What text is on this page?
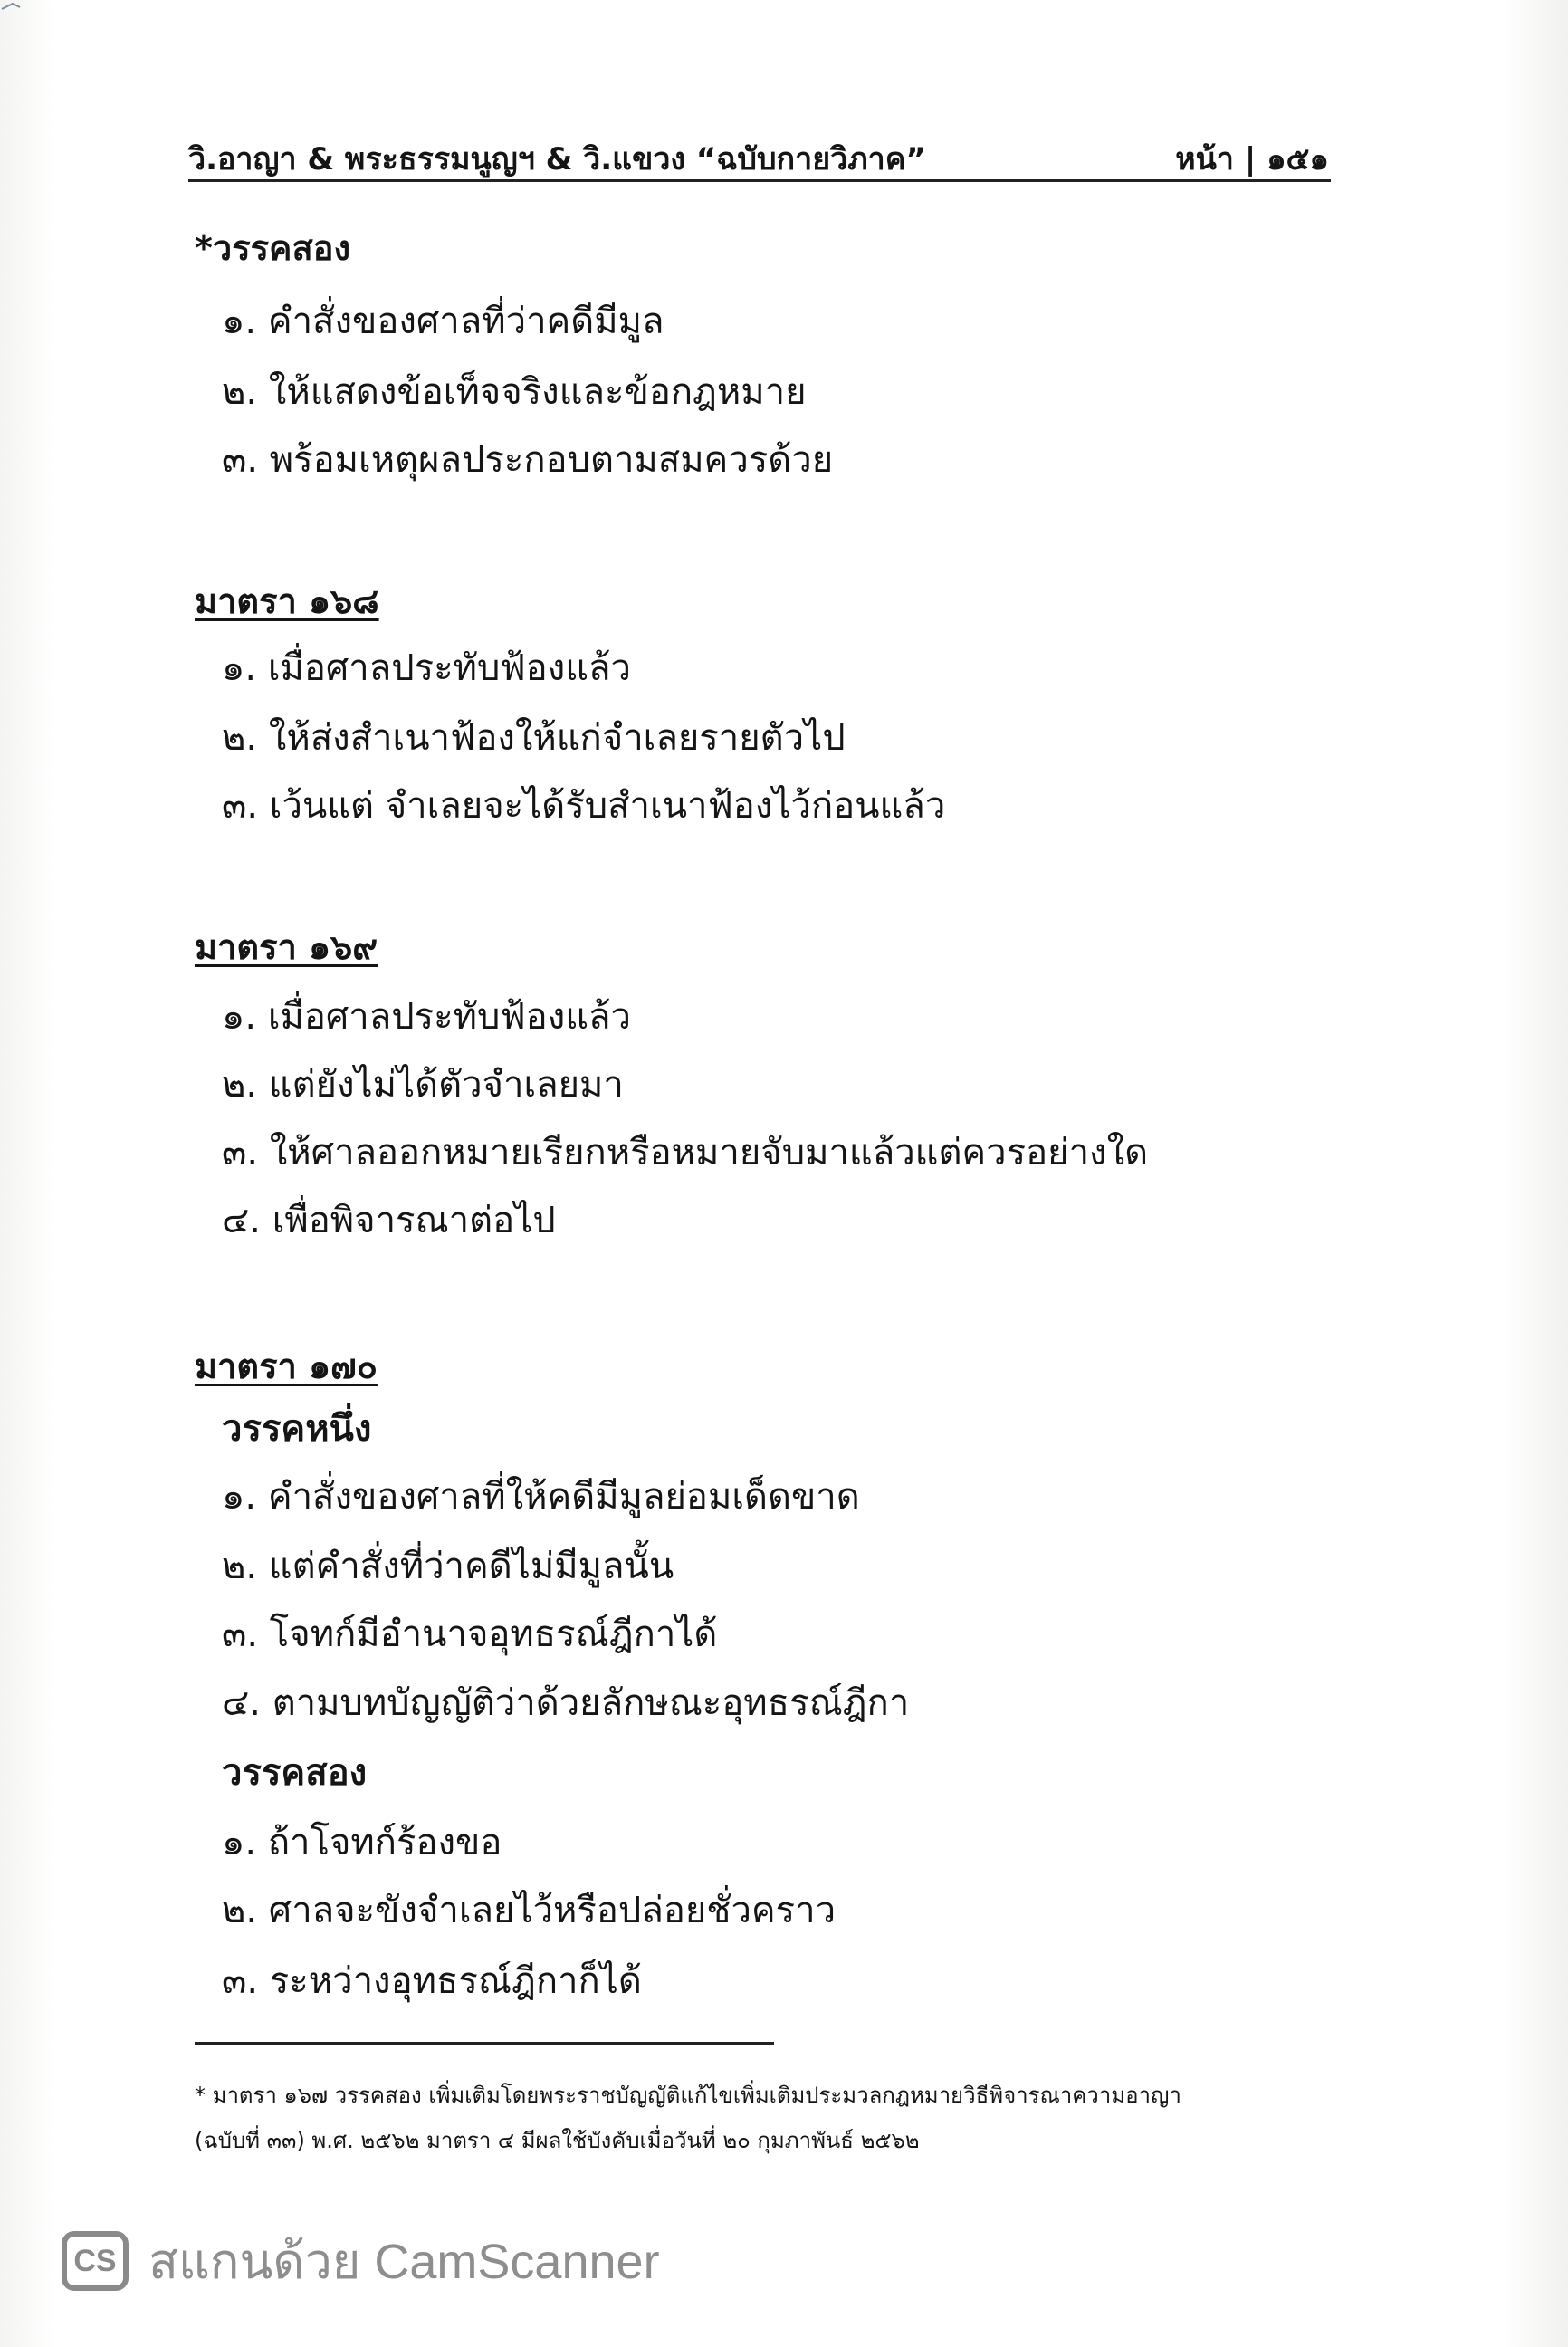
วิ.อาญา & พระธรรมนูญฯ & วิ.แขวง “ฉบับกายวิภาค”	หน้า | ๑๕๑
*วรรคสอง
๑. คำสั่งของศาลที่ว่าคดีมีมูล
๒. ให้แสดงข้อเท็จจริงและข้อกฎหมาย
๓. พร้อมเหตุผลประกอบตามสมควรด้วย
มาตรา ๑๖๘
๑. เมื่อศาลประทับฟ้องแล้ว
๒. ให้ส่งสำเนาฟ้องให้แก่จำเลยรายตัวไป
๓. เว้นแต่ จำเลยจะได้รับสำเนาฟ้องไว้ก่อนแล้ว
มาตรา ๑๖๙
๑. เมื่อศาลประทับฟ้องแล้ว
๒. แต่ยังไม่ได้ตัวจำเลยมา
๓. ให้ศาลออกหมายเรียกหรือหมายจับมาแล้วแต่ควรอย่างใด
๔. เพื่อพิจารณาต่อไป
มาตรา ๑๗๐
วรรคหนึ่ง
๑. คำสั่งของศาลที่ให้คดีมีมูลย่อมเด็ดขาด
๒. แต่คำสั่งที่ว่าคดีไม่มีมูลนั้น
๓. โจทก์มีอำนาจอุทธรณ์ฎีกาได้
๔. ตามบทบัญญัติว่าด้วยลักษณะอุทธรณ์ฎีกา
วรรคสอง
๑. ถ้าโจทก์ร้องขอ
๒. ศาลจะขังจำเลยไว้หรือปล่อยชั่วคราว
๓. ระหว่างอุทธรณ์ฎีกาก็ได้
* มาตรา ๑๖๗ วรรคสอง เพิ่มเติมโดยพระราชบัญญัติแก้ไขเพิ่มเติมประมวลกฎหมายวิธีพิจารณาความอาญา
(ฉบับที่ ๓๓) พ.ศ. ๒๕๖๒ มาตรา ๔ มีผลใช้บังคับเมื่อวันที่ ๒๐ กุมภาพันธ์ ๒๕๖๒
CS สแกนด้วย CamScanner
